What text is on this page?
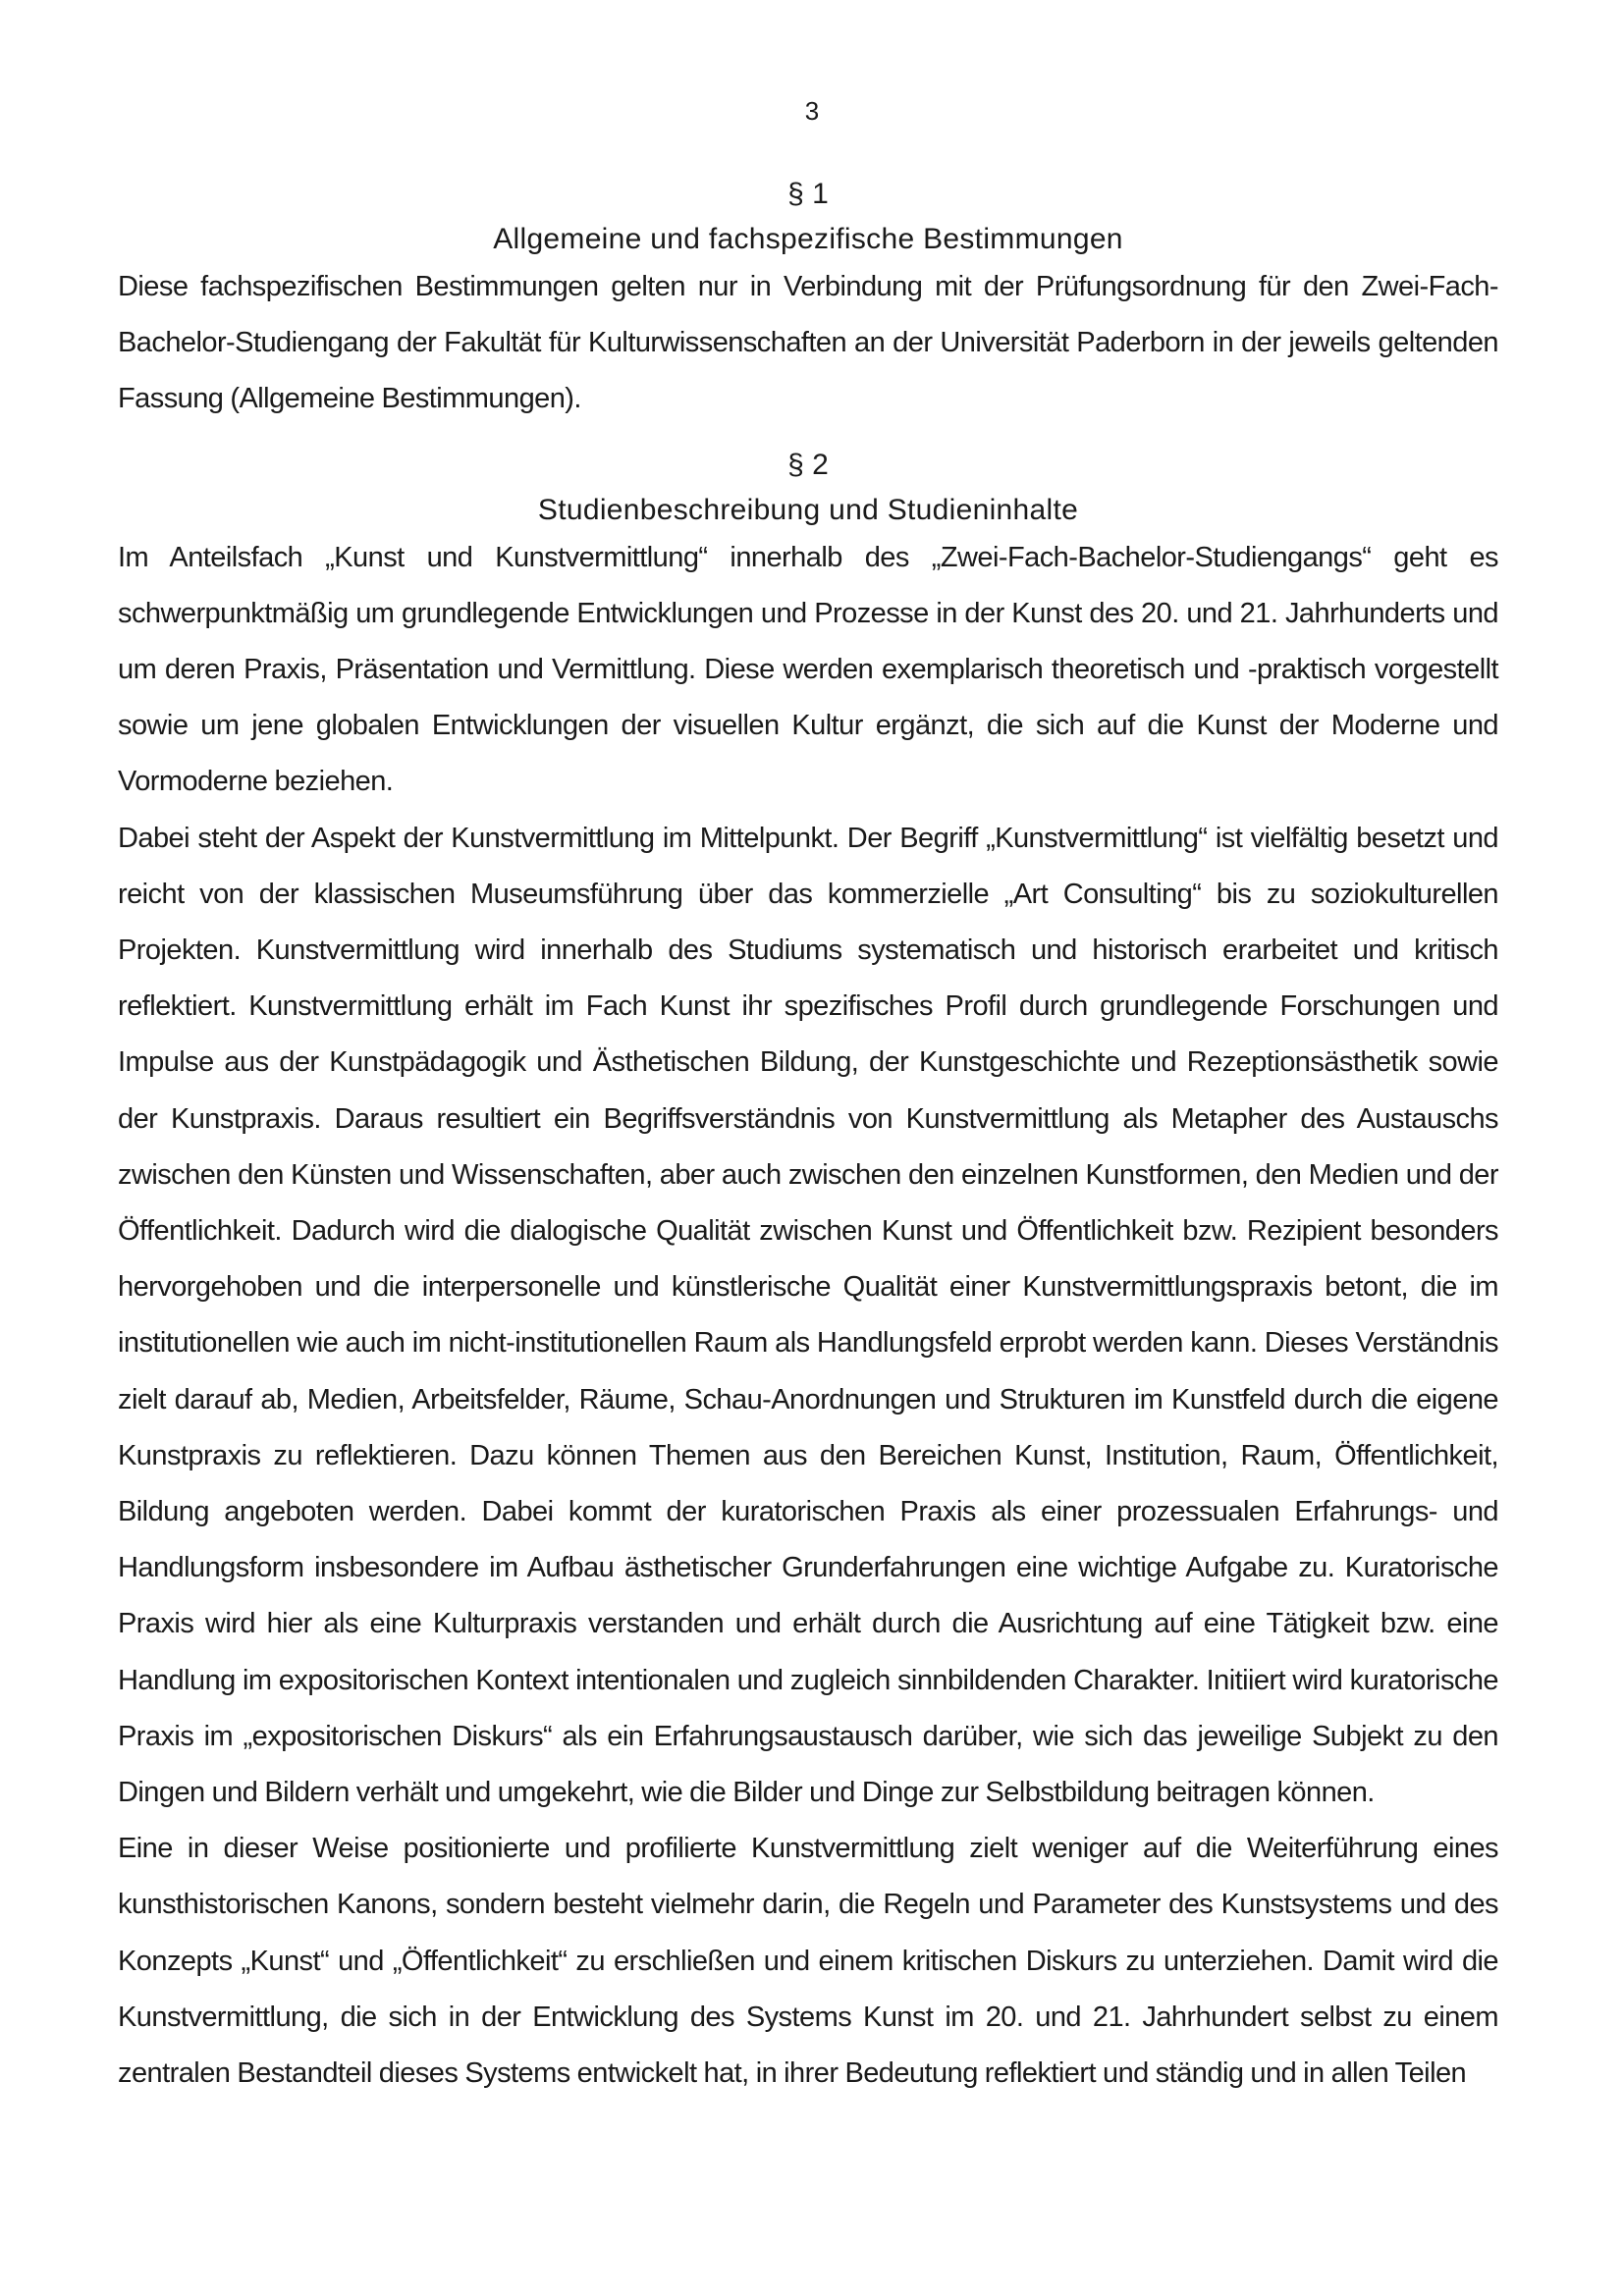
3

§ 1

Allgemeine und fachspezifische Bestimmungen

Diese fachspezifischen Bestimmungen gelten nur in Verbindung mit der Prüfungsordnung für den Zwei-Fach-Bachelor-Studiengang der Fakultät für Kulturwissenschaften an der Universität Paderborn in der jeweils geltenden Fassung (Allgemeine Bestimmungen).

§ 2

Studienbeschreibung und Studieninhalte

Im Anteilsfach „Kunst und Kunstvermittlung“ innerhalb des „Zwei-Fach-Bachelor-Studiengangs“ geht es schwerpunktmäßig um grundlegende Entwicklungen und Prozesse in der Kunst des 20. und 21. Jahrhunderts und um deren Praxis, Präsentation und Vermittlung. Diese werden exemplarisch theoretisch und -praktisch vorgestellt sowie um jene globalen Entwicklungen der visuellen Kultur ergänzt, die sich auf die Kunst der Moderne und Vormoderne beziehen.

Dabei steht der Aspekt der Kunstvermittlung im Mittelpunkt. Der Begriff „Kunstvermittlung“ ist vielfältig besetzt und reicht von der klassischen Museumsführung über das kommerzielle „Art Consulting“ bis zu soziokulturellen Projekten. Kunstvermittlung wird innerhalb des Studiums systematisch und historisch erarbeitet und kritisch reflektiert. Kunstvermittlung erhält im Fach Kunst ihr spezifisches Profil durch grundlegende Forschungen und Impulse aus der Kunstpädagogik und Ästhetischen Bildung, der Kunstgeschichte und Rezeptionsästhetik sowie der Kunstpraxis. Daraus resultiert ein Begriffsverständnis von Kunstvermittlung als Metapher des Austauschs zwischen den Künsten und Wissenschaften, aber auch zwischen den einzelnen Kunstformen, den Medien und der Öffentlichkeit. Dadurch wird die dialogische Qualität zwischen Kunst und Öffentlichkeit bzw. Rezipient besonders hervorgehoben und die interpersonelle und künstlerische Qualität einer Kunstvermittlungspraxis betont, die im institutionellen wie auch im nicht-institutionellen Raum als Handlungsfeld erprobt werden kann. Dieses Verständnis zielt darauf ab, Medien, Arbeitsfelder, Räume, Schau-Anordnungen und Strukturen im Kunstfeld durch die eigene Kunstpraxis zu reflektieren. Dazu können Themen aus den Bereichen Kunst, Institution, Raum, Öffentlichkeit, Bildung angeboten werden. Dabei kommt der kuratorischen Praxis als einer prozessualen Erfahrungs- und Handlungsform insbesondere im Aufbau ästhetischer Grunderfahrungen eine wichtige Aufgabe zu. Kuratorische Praxis wird hier als eine Kulturpraxis verstanden und erhält durch die Ausrichtung auf eine Tätigkeit bzw. eine Handlung im expositorischen Kontext intentionalen und zugleich sinnbildenden Charakter. Initiiert wird kuratorische Praxis im „expositorischen Diskurs“ als ein Erfahrungsaustausch darüber, wie sich das jeweilige Subjekt zu den Dingen und Bildern verhält und umgekehrt, wie die Bilder und Dinge zur Selbstbildung beitragen können.

Eine in dieser Weise positionierte und profilierte Kunstvermittlung zielt weniger auf die Weiterführung eines kunsthistorischen Kanons, sondern besteht vielmehr darin, die Regeln und Parameter des Kunstsystems und des Konzepts „Kunst“ und „Öffentlichkeit“ zu erschließen und einem kritischen Diskurs zu unterziehen. Damit wird die Kunstvermittlung, die sich in der Entwicklung des Systems Kunst im 20. und 21. Jahrhundert selbst zu einem zentralen Bestandteil dieses Systems entwickelt hat, in ihrer Bedeutung reflektiert und ständig und in allen Teilen
